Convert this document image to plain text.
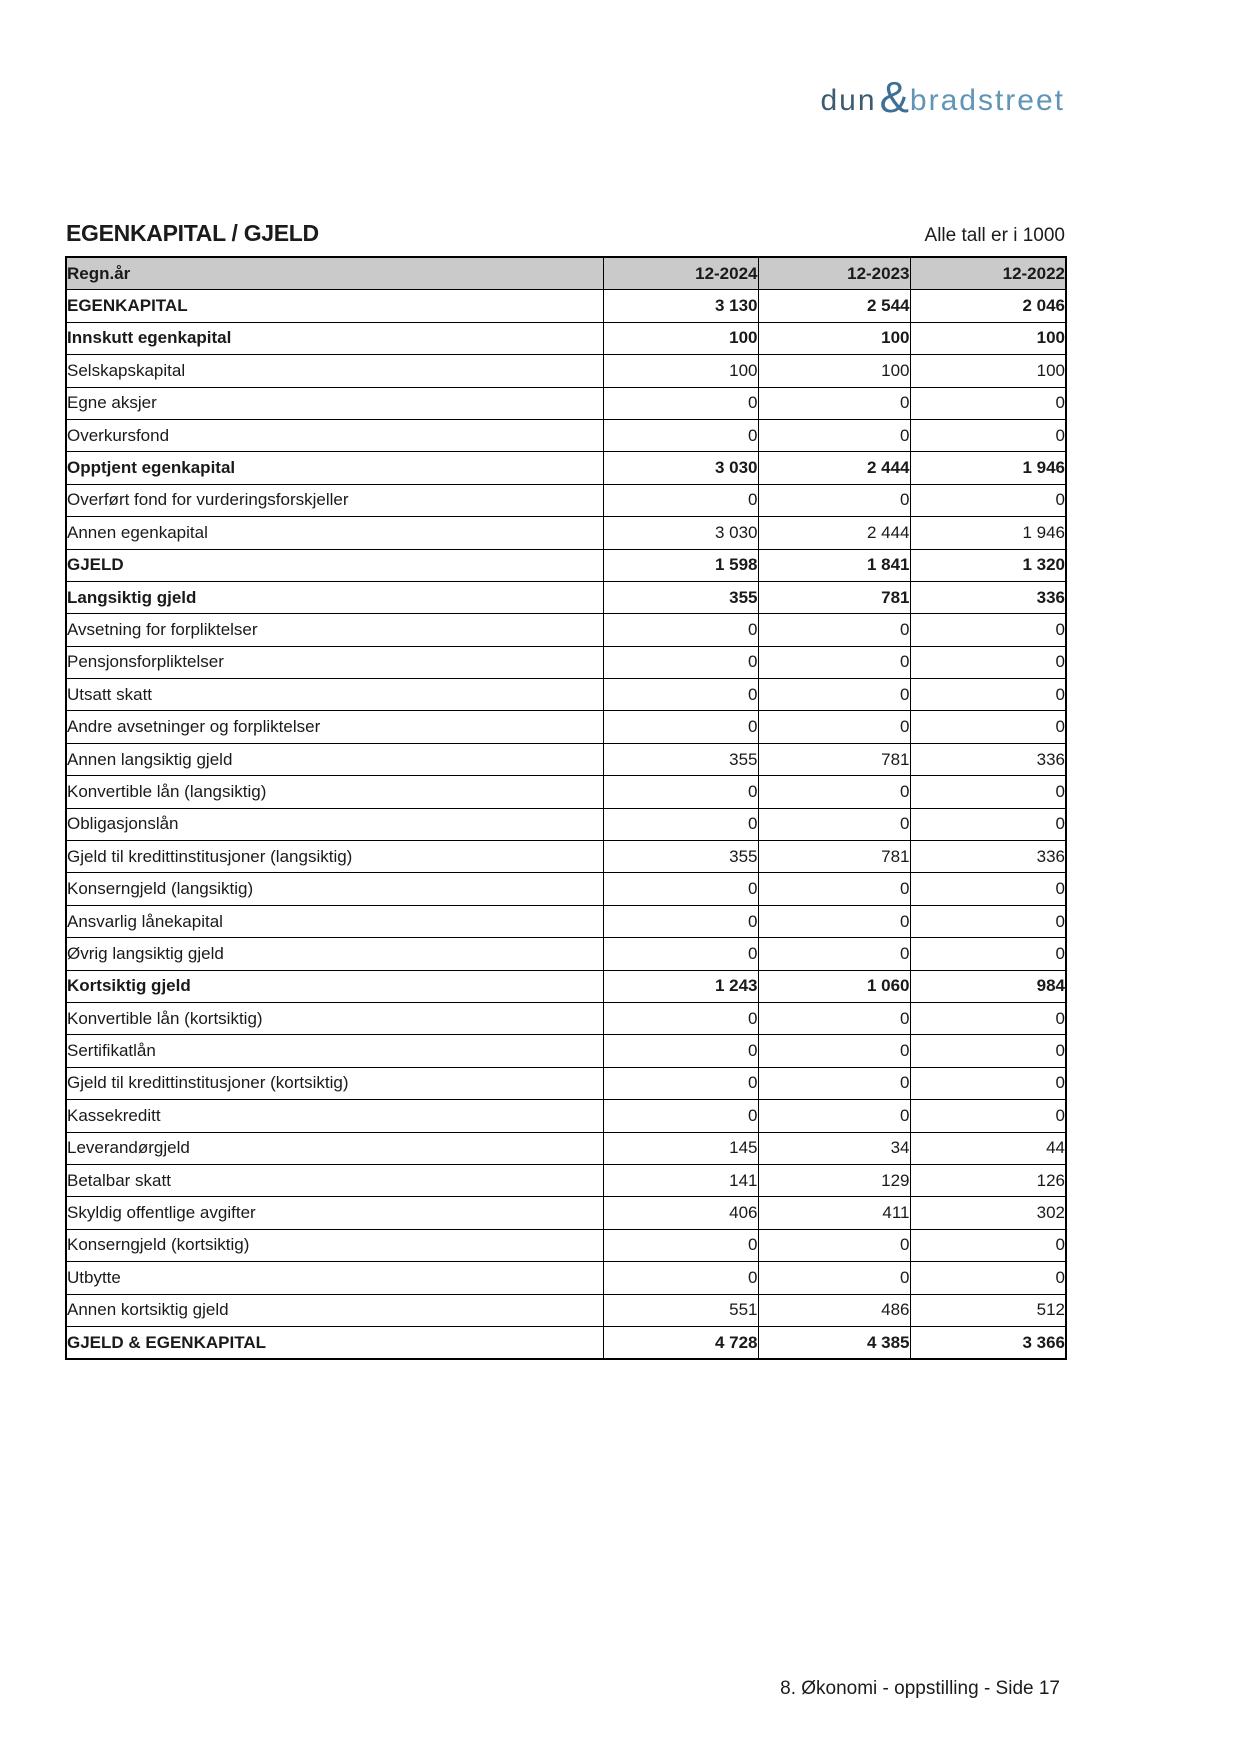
dun & bradstreet
EGENKAPITAL / GJELD	Alle tall er i 1000
Regn.år	12-2024	12-2023	12-2022
EGENKAPITAL	3 130	2 544	2 046
Innskutt egenkapital	100	100	100
Selskapskapital	100	100	100
Egne aksjer	0	0	0
Overkursfond	0	0	0
Opptjent egenkapital	3 030	2 444	1 946
Overført fond for vurderingsforskjeller	0	0	0
Annen egenkapital	3 030	2 444	1 946
GJELD	1 598	1 841	1 320
Langsiktig gjeld	355	781	336
Avsetning for forpliktelser	0	0	0
Pensjonsforpliktelser	0	0	0
Utsatt skatt	0	0	0
Andre avsetninger og forpliktelser	0	0	0
Annen langsiktig gjeld	355	781	336
Konvertible lån (langsiktig)	0	0	0
Obligasjonslån	0	0	0
Gjeld til kredittinstitusjoner (langsiktig)	355	781	336
Konserngjeld (langsiktig)	0	0	0
Ansvarlig lånekapital	0	0	0
Øvrig langsiktig gjeld	0	0	0
Kortsiktig gjeld	1 243	1 060	984
Konvertible lån (kortsiktig)	0	0	0
Sertifikatlån	0	0	0
Gjeld til kredittinstitusjoner (kortsiktig)	0	0	0
Kassekreditt	0	0	0
Leverandørgjeld	145	34	44
Betalbar skatt	141	129	126
Skyldig offentlige avgifter	406	411	302
Konserngjeld (kortsiktig)	0	0	0
Utbytte	0	0	0
Annen kortsiktig gjeld	551	486	512
GJELD & EGENKAPITAL	4 728	4 385	3 366
8. Økonomi - oppstilling - Side 17
